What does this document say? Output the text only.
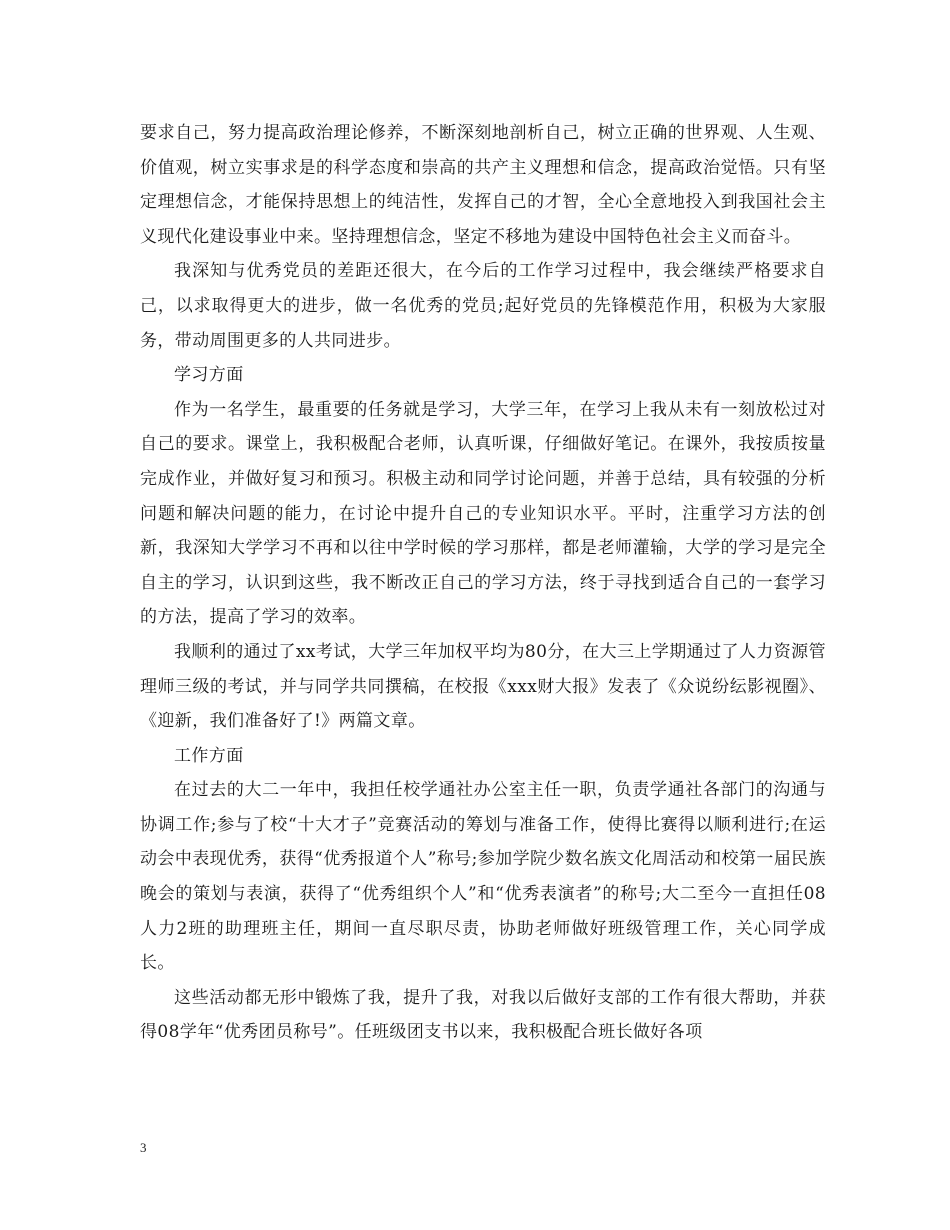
要求自己，努力提高政治理论修养，不断深刻地剖析自己，树立正确的世界观、人生观、价值观，树立实事求是的科学态度和崇高的共产主义理想和信念，提高政治觉悟。只有坚定理想信念，才能保持思想上的纯洁性，发挥自己的才智，全心全意地投入到我国社会主义现代化建设事业中来。坚持理想信念，坚定不移地为建设中国特色社会主义而奋斗。

我深知与优秀党员的差距还很大，在今后的工作学习过程中，我会继续严格要求自己，以求取得更大的进步，做一名优秀的党员;起好党员的先锋模范作用，积极为大家服务，带动周围更多的人共同进步。

学习方面

作为一名学生，最重要的任务就是学习，大学三年，在学习上我从未有一刻放松过对自己的要求。课堂上，我积极配合老师，认真听课，仔细做好笔记。在课外，我按质按量完成作业，并做好复习和预习。积极主动和同学讨论问题，并善于总结，具有较强的分析问题和解决问题的能力，在讨论中提升自己的专业知识水平。平时，注重学习方法的创新，我深知大学学习不再和以往中学时候的学习那样，都是老师灌输，大学的学习是完全自主的学习，认识到这些，我不断改正自己的学习方法，终于寻找到适合自己的一套学习的方法，提高了学习的效率。

我顺利的通过了xx考试，大学三年加权平均为80分，在大三上学期通过了人力资源管理师三级的考试，并与同学共同撰稿，在校报《xxx财大报》发表了《众说纷纭影视圈》、《迎新，我们准备好了!》两篇文章。

工作方面

在过去的大二一年中，我担任校学通社办公室主任一职，负责学通社各部门的沟通与协调工作;参与了校“十大才子”竞赛活动的筹划与准备工作，使得比赛得以顺利进行;在运动会中表现优秀，获得“优秀报道个人”称号;参加学院少数名族文化周活动和校第一届民族晚会的策划与表演，获得了“优秀组织个人”和“优秀表演者”的称号;大二至今一直担任08人力2班的助理班主任，期间一直尽职尽责，协助老师做好班级管理工作，关心同学成长。

这些活动都无形中锻炼了我，提升了我，对我以后做好支部的工作有很大帮助，并获得08学年“优秀团员称号”。任班级团支书以来，我积极配合班长做好各项

3
